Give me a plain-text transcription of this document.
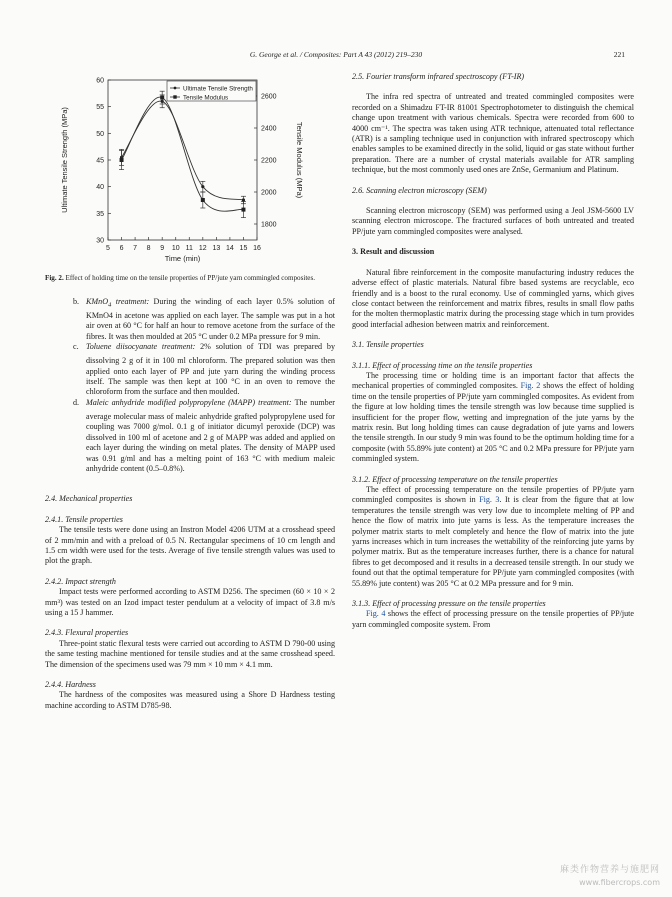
G. George et al. / Composites: Part A 43 (2012) 219–230	221
5 6 7 8 9 10 11 12 13 14 15 16
30
35
40
45
50
55
60
1800
2000
2200
2400
2600
Time (min)
Ultimate Tensile Strength (MPa)	Tensile Modulus (MPa)
Ultimate Tensile Strength
Tensile Modulus

Fig. 2. Effect of holding time on the tensile properties of PP/jute yarn commingled composites.

b. KMnO$_4$ treatment: During the winding of each layer 0.5% solution of KMnO4 in acetone was applied on each layer. The sample was put in a hot air oven at 60 °C for half an hour to remove acetone from the surface of the fibres. It was then moulded at 205 °C under 0.2 MPa pressure for 9 min.

c. Toluene diisocyanate treatment: 2% solution of TDI was prepared by dissolving 2 g of it in 100 ml chloroform. The prepared solution was then applied onto each layer of PP and jute yarn during the winding process itself. The sample was then kept at 100 °C in an oven to remove the chloroform from the surface and then moulded.

d. Maleic anhydride modified polypropylene (MAPP) treatment: The number average molecular mass of maleic anhydride grafted polypropylene used for coupling was 7000 g/mol. 0.1 g of initiator dicumyl peroxide (DCP) was dissolved in 100 ml of acetone and 2 g of MAPP was added and applied on each layer during the winding on metal plates. The density of MAPP used was 0.91 g/ml and has a melting point of 163 °C with medium maleic anhydride content (0.5–0.8%).

2.4. Mechanical properties

2.4.1. Tensile properties

The tensile tests were done using an Instron Model 4206 UTM at a crosshead speed of 2 mm/min and with a preload of 0.5 N. Rectangular specimens of 10 cm length and 1.5 cm width were used for the tests. Average of five tensile strength values was used to plot the graph.

2.4.2. Impact strength

Impact tests were performed according to ASTM D256. The specimen (60 × 10 × 2 mm³) was tested on an Izod impact tester pendulum at a velocity of impact of 3.8 m/s using a 15 J hammer.

2.4.3. Flexural properties

Three-point static flexural tests were carried out according to ASTM D 790-00 using the same testing machine mentioned for tensile studies and at the same crosshead speed. The dimension of the specimens used was 79 mm × 10 mm × 4.1 mm.

2.4.4. Hardness

The hardness of the composites was measured using a Shore D Hardness testing machine according to ASTM D785-98.

2.5. Fourier transform infrared spectroscopy (FT-IR)

The infra red spectra of untreated and treated commingled composites were recorded on a Shimadzu FT-IR 81001 Spectrophotometer to distinguish the chemical change upon treatment with various chemicals. Spectra were recorded from 600 to 4000 cm⁻¹. The spectra was taken using ATR technique, attenuated total reflectance (ATR) is a sampling technique used in conjunction with infrared spectroscopy which enables samples to be examined directly in the solid, liquid or gas state without further preparation. There are a number of crystal materials available for ATR sampling technique, but the most commonly used ones are ZnSe, Germanium and Platinum.

2.6. Scanning electron microscopy (SEM)

Scanning electron microscopy (SEM) was performed using a Jeol JSM-5600 LV scanning electron microscope. The fractured surfaces of both untreated and treated PP/jute yarn commingled composites were analysed.

3. Result and discussion

Natural fibre reinforcement in the composite manufacturing industry reduces the adverse effect of plastic materials. Natural fibre based systems are recyclable, eco friendly and is a boost to the rural economy. Use of commingled yarns, which gives close contact between the reinforcement and matrix fibres, results in small flow paths for the molten thermoplastic matrix during the processing stage which in turn provides good interfacial adhesion between matrix and reinforcement.

3.1. Tensile properties

3.1.1. Effect of processing time on the tensile properties

The processing time or holding time is an important factor that affects the mechanical properties of commingled composites. Fig. 2 shows the effect of holding time on the tensile properties of PP/jute yarn commingled composites. As evident from the figure at low holding times the tensile strength was low because time supplied is insufficient for the proper flow, wetting and impregnation of the jute yarns by the matrix resin. But long holding times can cause degradation of jute yarns and lowers the tensile strength. In our study 9 min was found to be the optimum holding time for a composite (with 55.89% jute content) at 205 °C and 0.2 MPa pressure for PP/jute yarn commingled system.

3.1.2. Effect of processing temperature on the tensile properties

The effect of processing temperature on the tensile properties of PP/jute yarn commingled composites is shown in Fig. 3. It is clear from the figure that at low temperatures the tensile strength was very low due to incomplete melting of PP and hence the flow of matrix into jute yarns is less. As the temperature increases the polymer matrix starts to melt completely and hence the flow of matrix into the jute yarns increases which in turn increases the wettability of the reinforcing jute yarns by polymer matrix. But as the temperature increases further, there is a chance for natural fibres to get decomposed and it results in a decreased tensile strength. In our study we found out that the optimal temperature for PP/jute yarn commingled composites (with 55.89% jute content) was 205 °C at 0.2 MPa pressure and for 9 min.

3.1.3. Effect of processing pressure on the tensile properties

Fig. 4 shows the effect of processing pressure on the tensile properties of PP/jute yarn commingled composite system. From

麻类作物营养与施肥网
www.fibercrops.com
